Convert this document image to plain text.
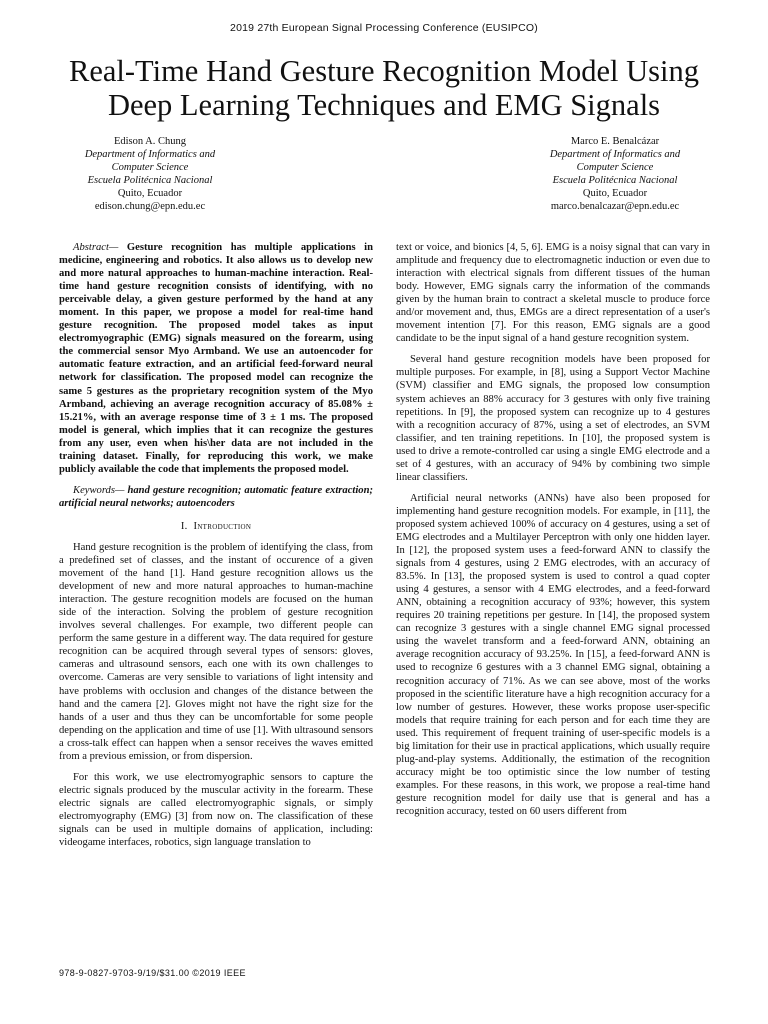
2019 27th European Signal Processing Conference (EUSIPCO)
Real-Time Hand Gesture Recognition Model Using
Deep Learning Techniques and EMG Signals
Edison A. Chung
Department of Informatics and
Computer Science
Escuela Politécnica Nacional
Quito, Ecuador
edison.chung@epn.edu.ec
Marco E. Benalcázar
Department of Informatics and
Computer Science
Escuela Politécnica Nacional
Quito, Ecuador
marco.benalcazar@epn.edu.ec

Abstract— Gesture recognition has multiple applications in medicine, engineering and robotics. It also allows us to develop new and more natural approaches to human-machine interaction. Real-time hand gesture recognition consists of identifying, with no perceivable delay, a given gesture performed by the hand at any moment. In this paper, we propose a model for real-time hand gesture recognition. The proposed model takes as input electromyographic (EMG) signals measured on the forearm, using the commercial sensor Myo Armband. We use an autoencoder for automatic feature extraction, and an artificial feed-forward neural network for classification. The proposed model can recognize the same 5 gestures as the proprietary recognition system of the Myo Armband, achieving an average recognition accuracy of 85.08% ± 15.21%, with an average response time of 3 ± 1 ms. The proposed model is general, which implies that it can recognize the gestures from any user, even when his\her data are not included in the training dataset. Finally, for reproducing this work, we make publicly available the code that implements the proposed model.

Keywords— hand gesture recognition; automatic feature extraction; artificial neural networks; autoencoders

I. Introduction

Hand gesture recognition is the problem of identifying the class, from a predefined set of classes, and the instant of occurence of a given movement of the hand [1]. Hand gesture recognition allows us the development of new and more natural approaches to human-machine interaction. The gesture recognition models are focused on the human side of the interaction. Solving the problem of gesture recognition involves several challenges. For example, two different people can perform the same gesture in a different way. The data required for gesture recognition can be acquired through several types of sensors: gloves, cameras and ultrasound sensors, each one with its own challenges to overcome. Cameras are very sensible to variations of light intensity and have problems with occlusion and changes of the distance between the hand and the camera [2]. Gloves might not have the right size for the hands of a user and thus they can be uncomfortable for some people depending on the application and time of use [1]. With ultrasound sensors a cross-talk effect can happen when a sensor receives the waves emitted from a previous emission, or from dispersion.

For this work, we use electromyographic sensors to capture the electric signals produced by the muscular activity in the forearm. These electric signals are called electromyographic signals, or simply electromyography (EMG) [3] from now on. The classification of these signals can be used in multiple domains of application, including: videogame interfaces, robotics, sign language translation to

text or voice, and bionics [4, 5, 6]. EMG is a noisy signal that can vary in amplitude and frequency due to electromagnetic induction or even due to interaction with electrical signals from different tissues of the human body. However, EMG signals carry the information of the commands given by the human brain to contract a skeletal muscle to produce force and/or movement and, thus, EMGs are a direct representation of a user's movement intention [7]. For this reason, EMG signals are a good candidate to be the input signal of a hand gesture recognition system.

Several hand gesture recognition models have been proposed for multiple purposes. For example, in [8], using a Support Vector Machine (SVM) classifier and EMG signals, the proposed low consumption system achieves an 88% accuracy for 3 gestures with only five training repetitions. In [9], the proposed system can recognize up to 4 gestures with a recognition accuracy of 87%, using a set of electrodes, an SVM classifier, and ten training repetitions. In [10], the proposed system is used to drive a remote-controlled car using a single EMG electrode and a set of 4 gestures, with an accuracy of 94% by combining two simple linear classifiers.

Artificial neural networks (ANNs) have also been proposed for implementing hand gesture recognition models. For example, in [11], the proposed system achieved 100% of accuracy on 4 gestures, using a set of EMG electrodes and a Multilayer Perceptron with only one hidden layer. In [12], the proposed system uses a feed-forward ANN to classify the signals from 4 gestures, using 2 EMG electrodes, with an accuracy of 83.5%. In [13], the proposed system is used to control a quad copter using 4 gestures, a sensor with 4 EMG electrodes, and a feed-forward ANN, obtaining a recognition accuracy of 93%; however, this system requires 20 training repetitions per gesture. In [14], the proposed system can recognize 3 gestures with a single channel EMG signal processed using the wavelet transform and a feed-forward ANN, obtaining an average recognition accuracy of 93.25%. In [15], a feed-forward ANN is used to recognize 6 gestures with a 3 channel EMG signal, obtaining a recognition accuracy of 71%. As we can see above, most of the works proposed in the scientific literature have a high recognition accuracy for a low number of gestures. However, these works propose user-specific models that require training for each person and for each time they are used. This requirement of frequent training of user-specific models is a big limitation for their use in practical applications, which usually require plug-and-play systems. Additionally, the estimation of the recognition accuracy might be too optimistic since the low number of testing examples. For these reasons, in this work, we propose a real-time hand gesture recognition model for daily use that is general and has a recognition accuracy, tested on 60 users different from

978-9-0827-9703-9/19/$31.00 ©2019 IEEE
